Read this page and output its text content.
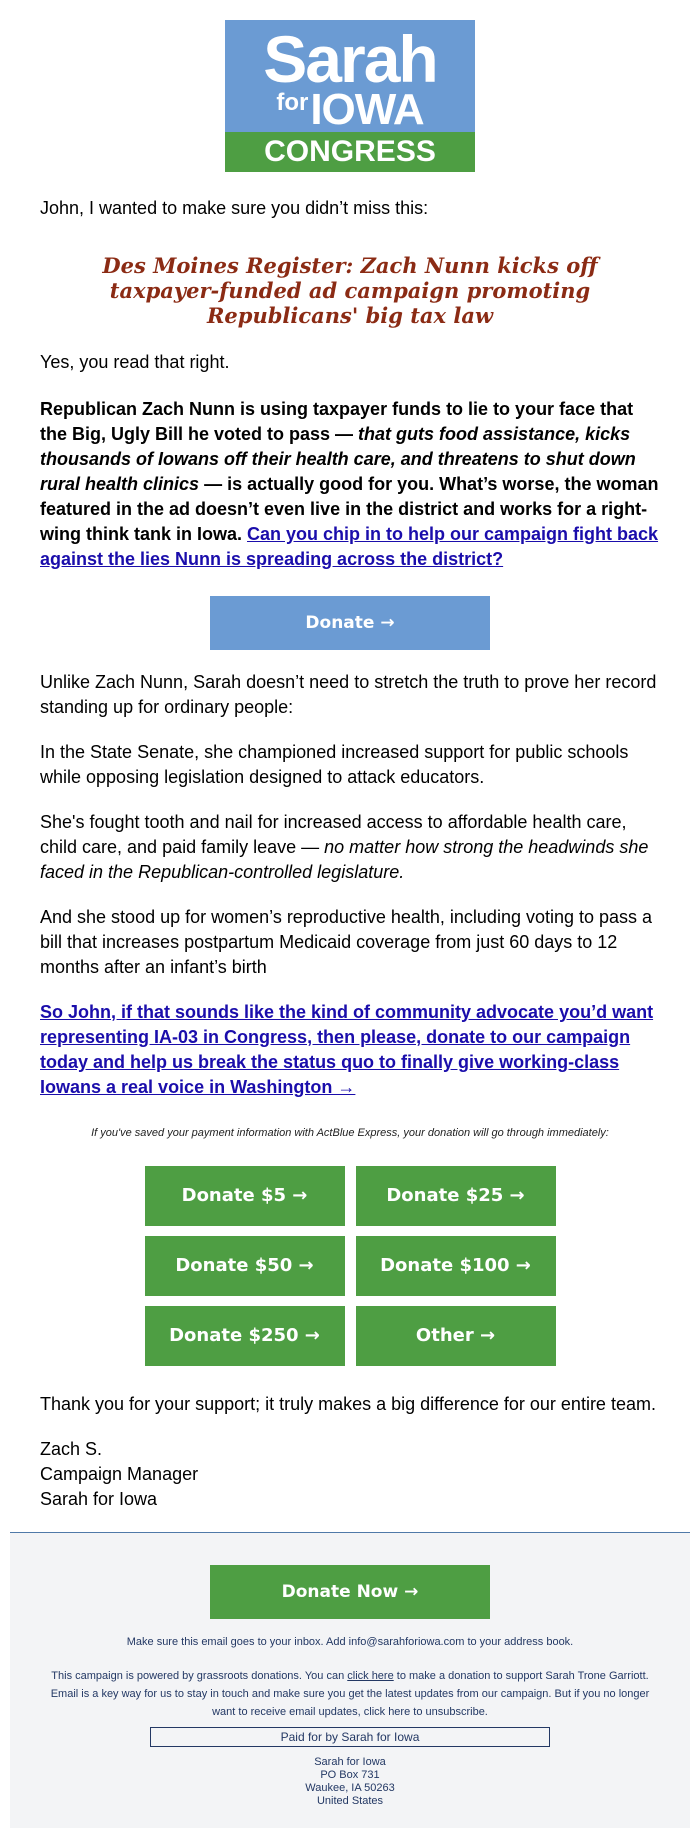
Sarah
forIOWA
CONGRESS

John, I wanted to make sure you didn’t miss this:

Des Moines Register: Zach Nunn kicks off taxpayer-funded ad campaign promoting Republicans' big tax law

Yes, you read that right.

Republican Zach Nunn is using taxpayer funds to lie to your face that the Big, Ugly Bill he voted to pass — that guts food assistance, kicks thousands of Iowans off their health care, and threatens to shut down rural health clinics — is actually good for you. What’s worse, the woman featured in the ad doesn’t even live in the district and works for a right-wing think tank in Iowa. Can you chip in to help our campaign fight back against the lies Nunn is spreading across the district?

Donate →

Unlike Zach Nunn, Sarah doesn’t need to stretch the truth to prove her record standing up for ordinary people:

In the State Senate, she championed increased support for public schools while opposing legislation designed to attack educators.

She's fought tooth and nail for increased access to affordable health care, child care, and paid family leave — no matter how strong the headwinds she faced in the Republican-controlled legislature.

And she stood up for women’s reproductive health, including voting to pass a bill that increases postpartum Medicaid coverage from just 60 days to 12 months after an infant’s birth

So John, if that sounds like the kind of community advocate you’d want representing IA-03 in Congress, then please, donate to our campaign today and help us break the status quo to finally give working-class Iowans a real voice in Washington →

If you've saved your payment information with ActBlue Express, your donation will go through immediately:
Donate $5 →	Donate $25 →
Donate $50 →	Donate $100 →
Donate $250 →	Other →

Thank you for your support; it truly makes a big difference for our entire team.

Zach S.
Campaign Manager
Sarah for Iowa

Donate Now →
Make sure this email goes to your inbox. Add info@sarahforiowa.com to your address book.
This campaign is powered by grassroots donations. You can click here to make a donation to support Sarah Trone Garriott. Email is a key way for us to stay in touch and make sure you get the latest updates from our campaign. But if you no longer want to receive email updates, click here to unsubscribe.
Paid for by Sarah for Iowa
Sarah for Iowa
PO Box 731
Waukee, IA 50263
United States
